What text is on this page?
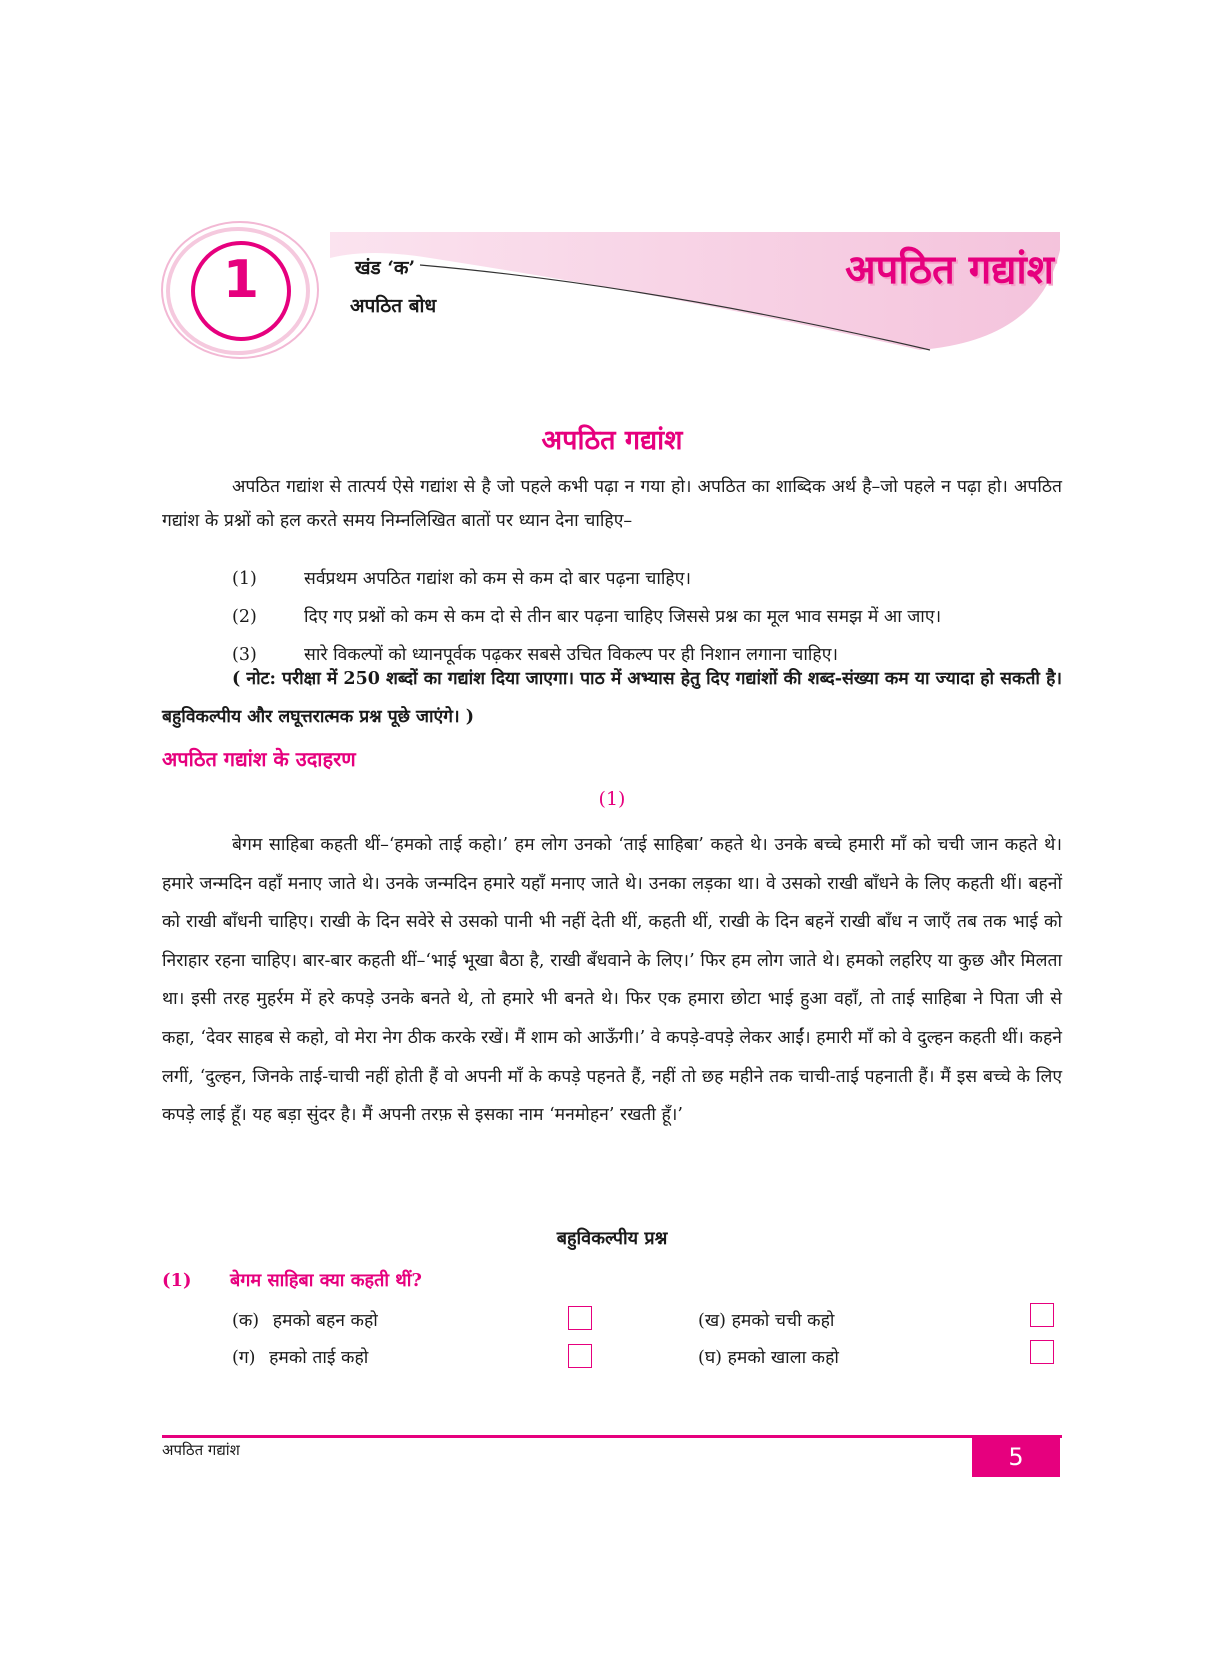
1	खंड ‘क’
अपठित बोध
अपठित गद्यांश
अपठित गद्यांश
अपठित गद्यांश से तात्पर्य ऐसे गद्यांश से है जो पहले कभी पढ़ा न गया हो। अपठित का शाब्दिक अर्थ है–जो पहले न पढ़ा हो। अपठित गद्यांश के प्रश्नों को हल करते समय निम्नलिखित बातों पर ध्यान देना चाहिए–
(1)	सर्वप्रथम अपठित गद्यांश को कम से कम दो बार पढ़ना चाहिए।
(2)	दिए गए प्रश्नों को कम से कम दो से तीन बार पढ़ना चाहिए जिससे प्रश्न का मूल भाव समझ में आ जाए।
(3)	सारे विकल्पों को ध्यानपूर्वक पढ़कर सबसे उचित विकल्प पर ही निशान लगाना चाहिए।
( नोट: परीक्षा में 250 शब्दों का गद्यांश दिया जाएगा। पाठ में अभ्यास हेतु दिए गद्यांशों की शब्द-संख्या कम या ज्यादा हो सकती है। बहुविकल्पीय और लघूत्तरात्मक प्रश्न पूछे जाएंगे। )
अपठित गद्यांश के उदाहरण
(1)
बेगम साहिबा कहती थीं–‘हमको ताई कहो।’ हम लोग उनको ‘ताई साहिबा’ कहते थे। उनके बच्चे हमारी माँ को चची जान कहते थे। हमारे जन्मदिन वहाँ मनाए जाते थे। उनके जन्मदिन हमारे यहाँ मनाए जाते थे। उनका लड़का था। वे उसको राखी बाँधने के लिए कहती थीं। बहनों को राखी बाँधनी चाहिए। राखी के दिन सवेरे से उसको पानी भी नहीं देती थीं, कहती थीं, राखी के दिन बहनें राखी बाँध न जाएँ तब तक भाई को निराहार रहना चाहिए। बार-बार कहती थीं–‘भाई भूखा बैठा है, राखी बँधवाने के लिए।’ फिर हम लोग जाते थे। हमको लहरिए या कुछ और मिलता था। इसी तरह मुहर्रम में हरे कपड़े उनके बनते थे, तो हमारे भी बनते थे। फिर एक हमारा छोटा भाई हुआ वहाँ, तो ताई साहिबा ने पिता जी से कहा, ‘देवर साहब से कहो, वो मेरा नेग ठीक करके रखें। मैं शाम को आऊँगी।’ वे कपड़े-वपड़े लेकर आईं। हमारी माँ को वे दुल्हन कहती थीं। कहने लगीं, ‘दुल्हन, जिनके ताई-चाची नहीं होती हैं वो अपनी माँ के कपड़े पहनते हैं, नहीं तो छह महीने तक चाची-ताई पहनाती हैं। मैं इस बच्चे के लिए कपड़े लाई हूँ। यह बड़ा सुंदर है। मैं अपनी तरफ़ से इसका नाम ‘मनमोहन’ रखती हूँ।’
बहुविकल्पीय प्रश्न
(1) बेगम साहिबा क्या कहती थीं?
(क) हमको बहन कहो	(ख) हमको चची कहो
(ग) हमको ताई कहो	(घ) हमको खाला कहो
अपठित गद्यांश	5
